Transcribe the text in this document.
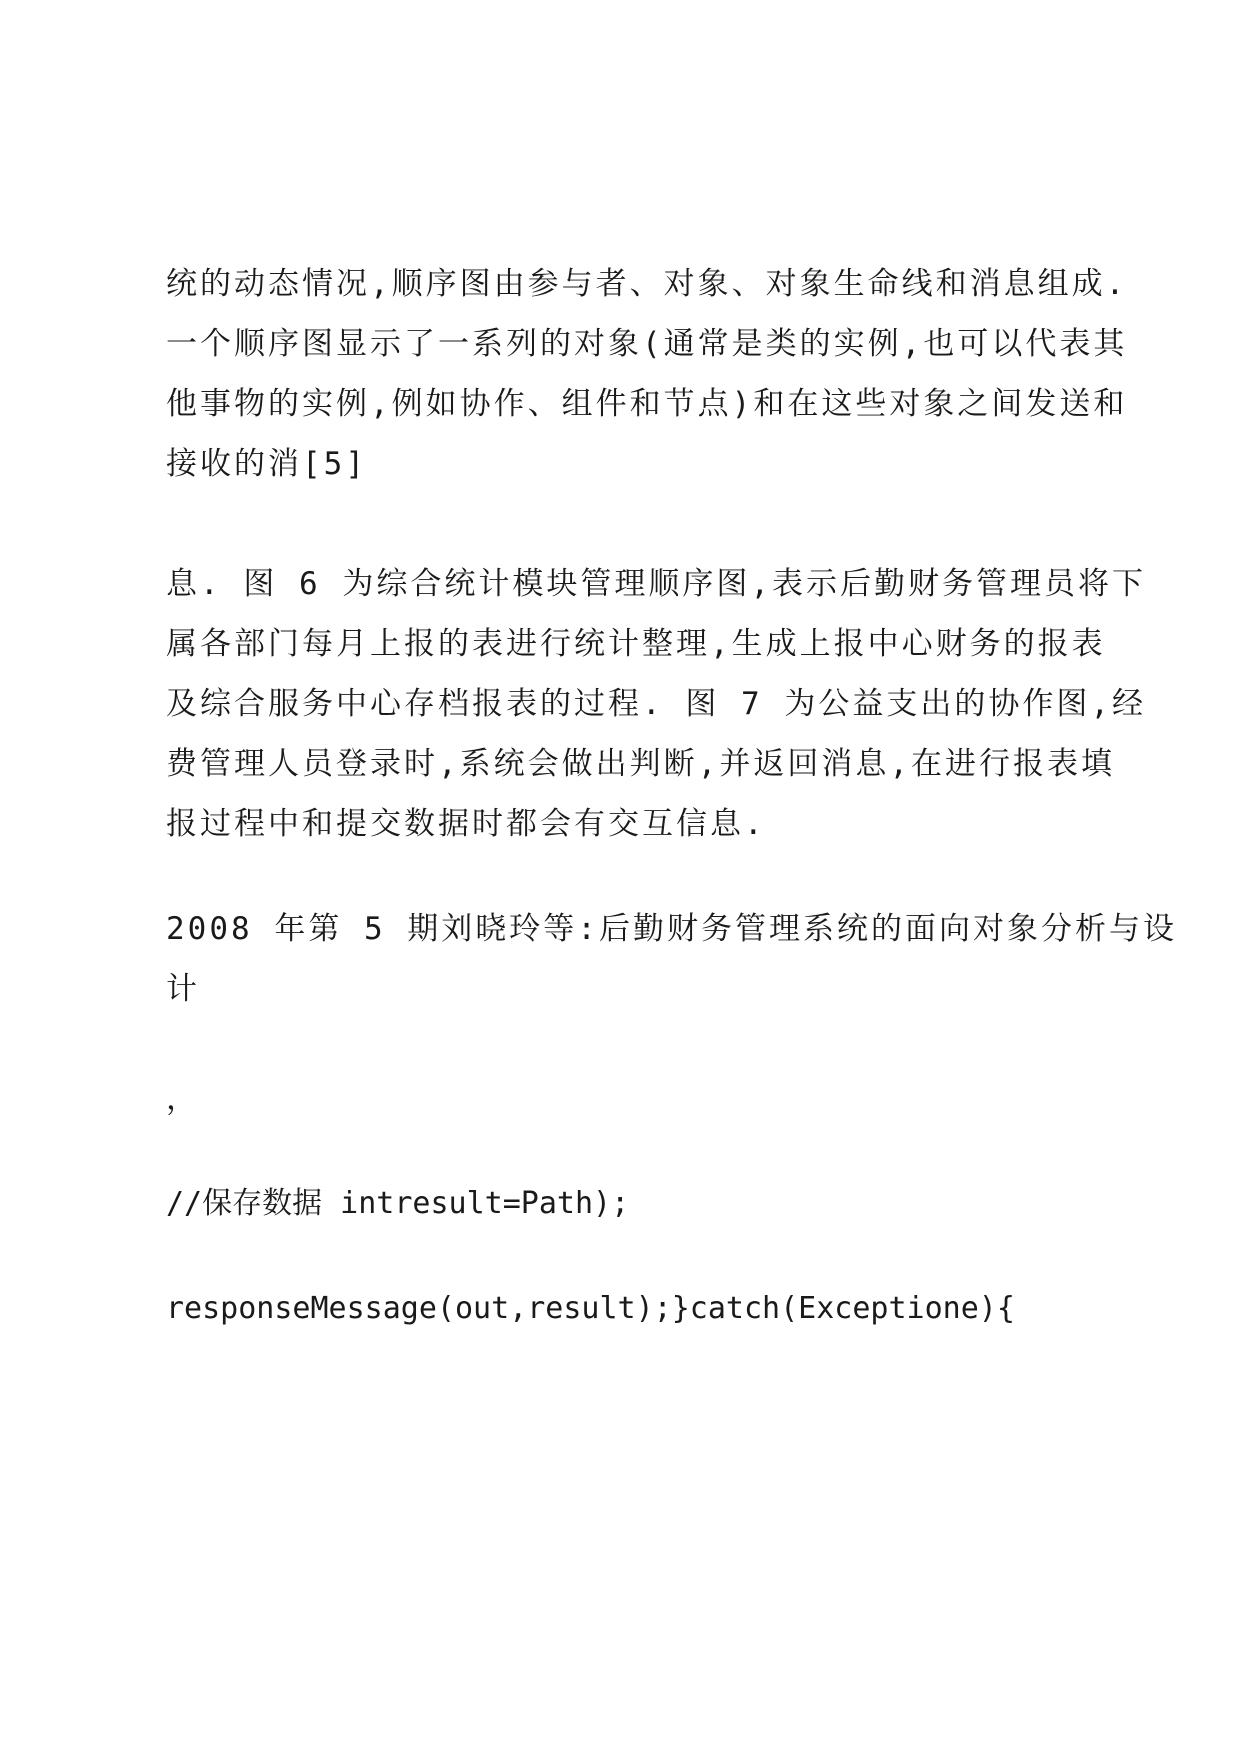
统的动态情况,顺序图由参与者、对象、对象生命线和消息组成.
一个顺序图显示了一系列的对象(通常是类的实例,也可以代表其
他事物的实例,例如协作、组件和节点)和在这些对象之间发送和
接收的消[5]
息. 图 6 为综合统计模块管理顺序图,表示后勤财务管理员将下
属各部门每月上报的表进行统计整理,生成上报中心财务的报表
及综合服务中心存档报表的过程. 图 7 为公益支出的协作图,经
费管理人员登录时,系统会做出判断,并返回消息,在进行报表填
报过程中和提交数据时都会有交互信息.
2008 年第 5 期刘晓玲等:后勤财务管理系统的面向对象分析与设
计
，
//保存数据 intresult=Path);
responseMessage(out,result);}catch(Exceptione){
